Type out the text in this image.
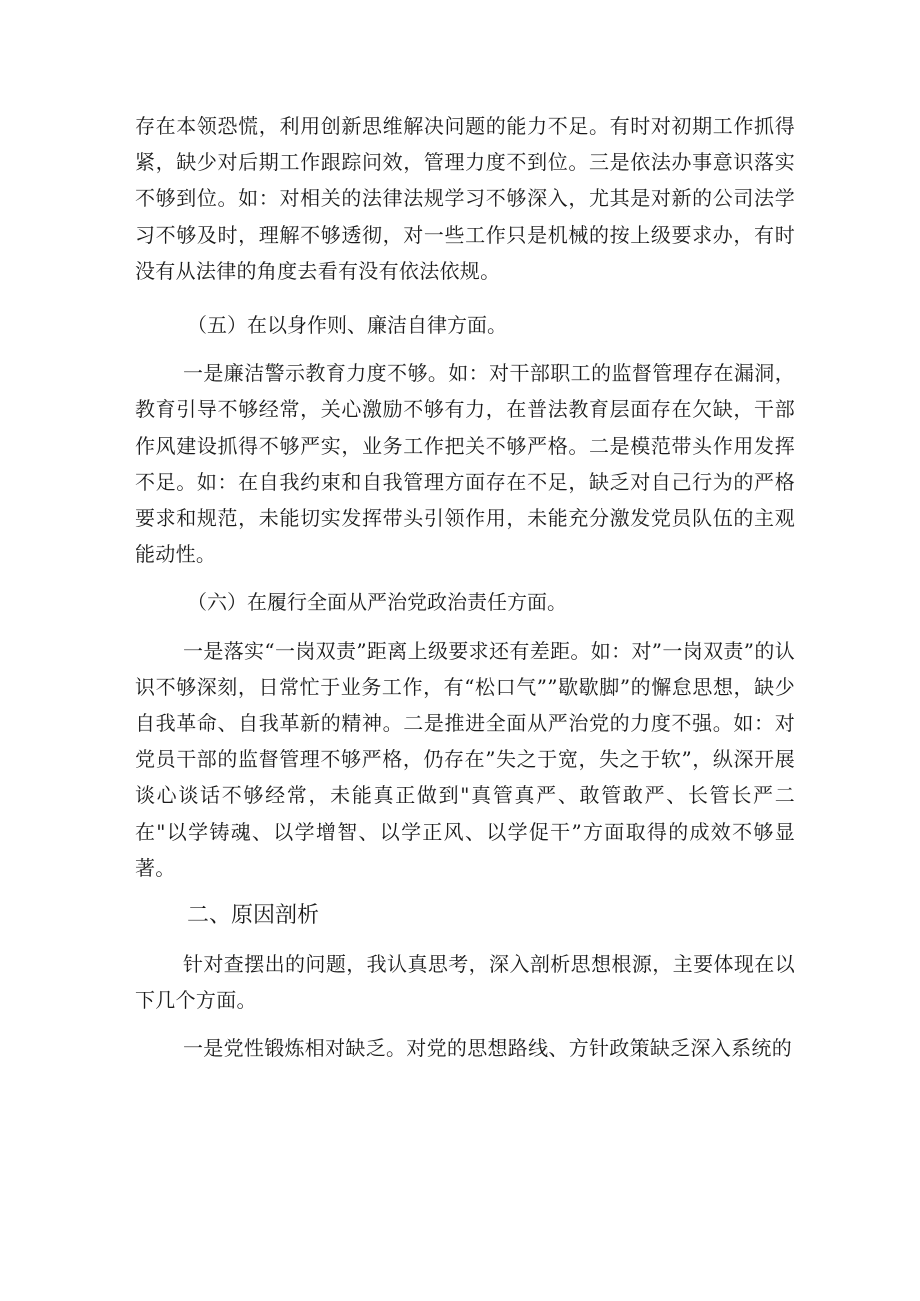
存在本领恐慌，利用创新思维解决问题的能力不足。有时对初期工作抓得紧，缺少对后期工作跟踪问效，管理力度不到位。三是依法办事意识落实不够到位。如：对相关的法律法规学习不够深入，尤其是对新的公司法学习不够及时，理解不够透彻，对一些工作只是机械的按上级要求办，有时没有从法律的角度去看有没有依法依规。

（五）在以身作则、廉洁自律方面。

一是廉洁警示教育力度不够。如：对干部职工的监督管理存在漏洞，教育引导不够经常，关心激励不够有力，在普法教育层面存在欠缺，干部作风建设抓得不够严实，业务工作把关不够严格。二是模范带头作用发挥不足。如：在自我约束和自我管理方面存在不足，缺乏对自己行为的严格要求和规范，未能切实发挥带头引领作用，未能充分激发党员队伍的主观能动性。

（六）在履行全面从严治党政治责任方面。

一是落实“一岗双责”距离上级要求还有差距。如：对”一岗双责”的认识不够深刻，日常忙于业务工作，有“松口气””歇歇脚”的懈怠思想，缺少自我革命、自我革新的精神。二是推进全面从严治党的力度不强。如：对党员干部的监督管理不够严格，仍存在”失之于宽，失之于软”，纵深开展谈心谈话不够经常，未能真正做到"真管真严、敢管敢严、长管长严二在"以学铸魂、以学增智、以学正风、以学促干”方面取得的成效不够显著。

二、原因剖析

针对查摆出的问题，我认真思考，深入剖析思想根源，主要体现在以下几个方面。

一是党性锻炼相对缺乏。对党的思想路线、方针政策缺乏深入系统的
